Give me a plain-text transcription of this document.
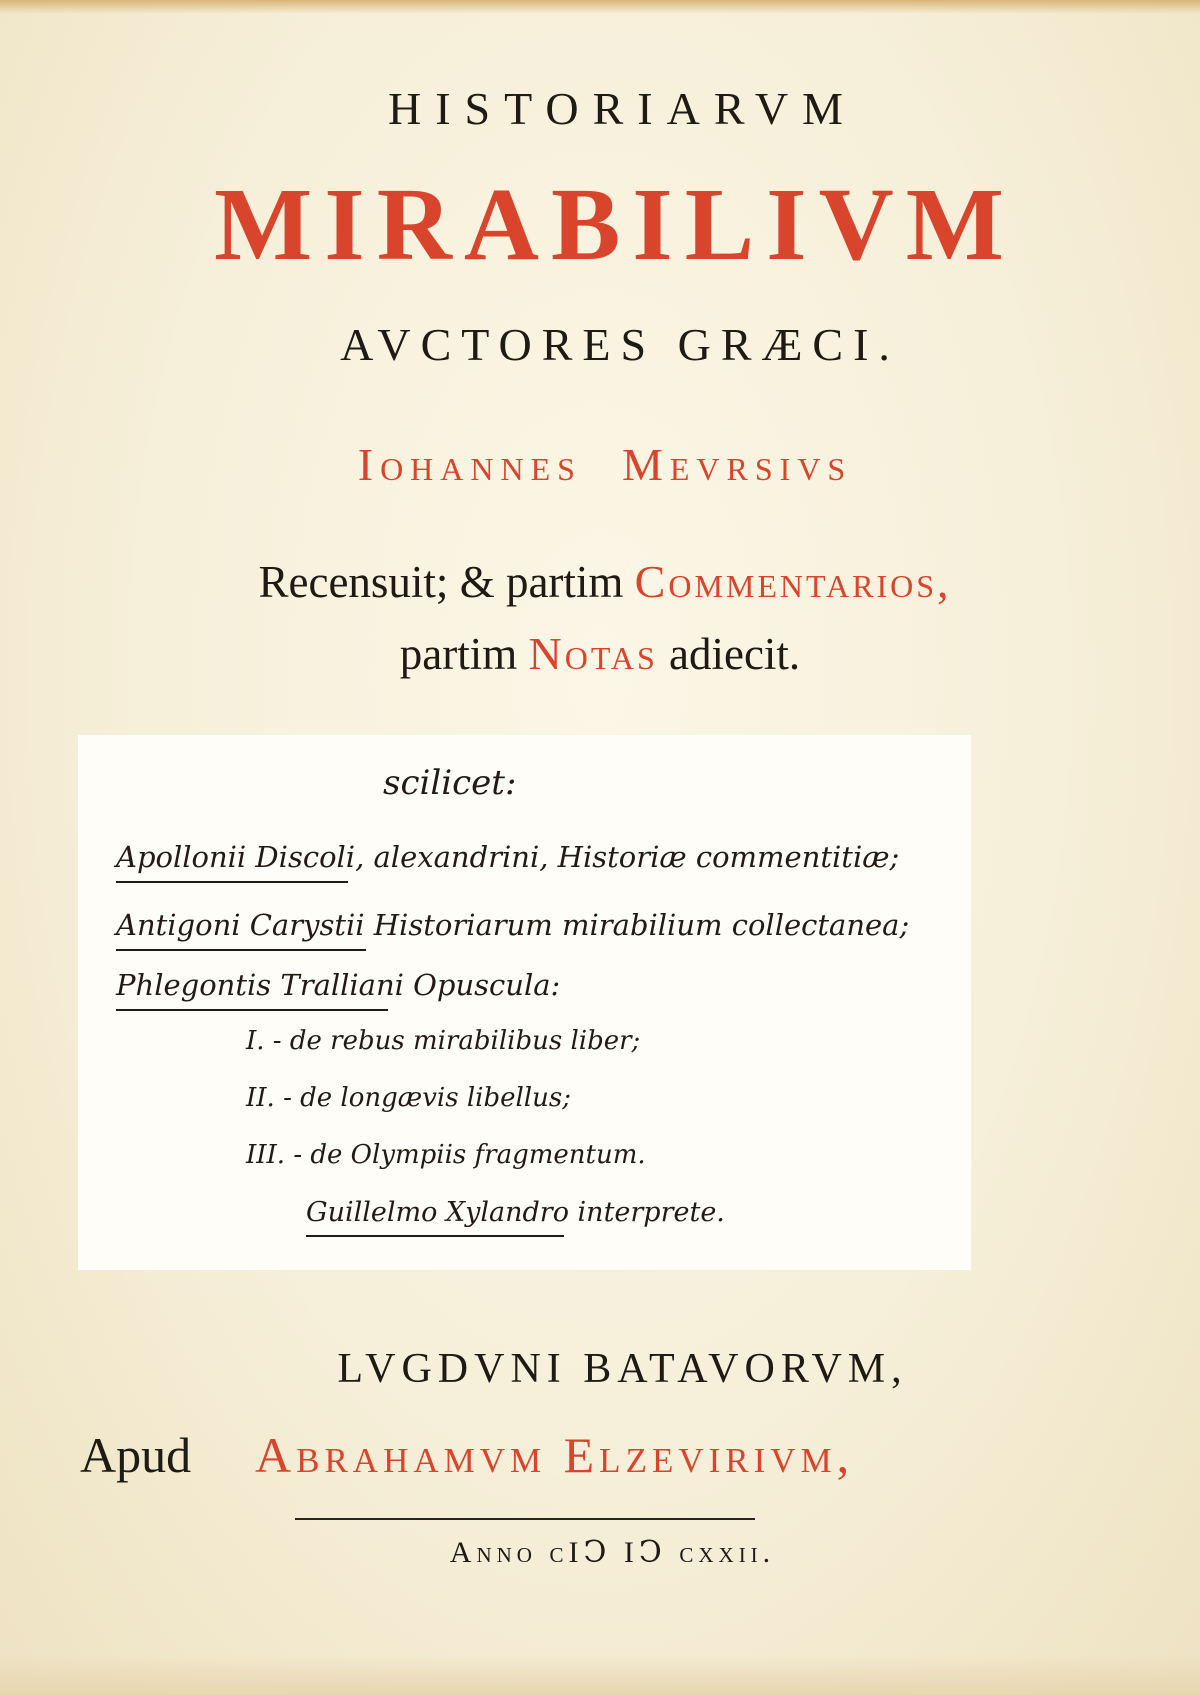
HISTORIARVM
MIRABILIVM
AVCTORES GRÆCI.
Iohannes Mevrsivs
Recensuit; & partim Commentarios,
partim Notas adiecit.
scilicet:
Apollonii Discoli, alexandrini, Historiæ commentitiæ;
Antigoni Carystii Historiarum mirabilium collectanea;
Phlegontis Tralliani Opuscula:
I. - de rebus mirabilibus liber;
II. - de longævis libellus;
III. - de Olympiis fragmentum.
Guillelmo Xylandro interprete.
LVGDVNI BATAVORVM,
Apud Abrahamvm Elzevirivm,
Anno cIↃ IↃ cxxii.
